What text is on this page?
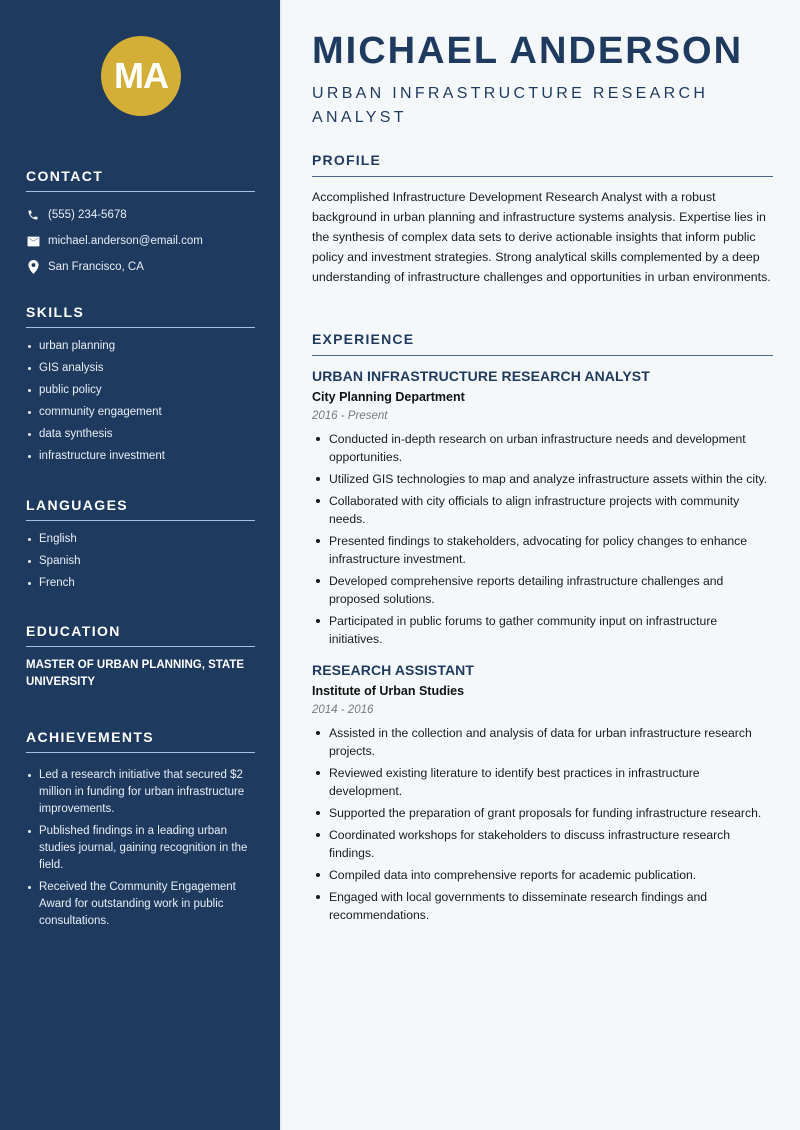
MA
CONTACT
(555) 234-5678
michael.anderson@email.com
San Francisco, CA
SKILLS
urban planning
GIS analysis
public policy
community engagement
data synthesis
infrastructure investment
LANGUAGES
English
Spanish
French
EDUCATION

MASTER OF URBAN PLANNING, STATE UNIVERSITY

ACHIEVEMENTS
Led a research initiative that secured $2 million in funding for urban infrastructure improvements.
Published findings in a leading urban studies journal, gaining recognition in the field.
Received the Community Engagement Award for outstanding work in public consultations.
MICHAEL ANDERSON

URBAN INFRASTRUCTURE RESEARCH ANALYST

PROFILE

Accomplished Infrastructure Development Research Analyst with a robust background in urban planning and infrastructure systems analysis. Expertise lies in the synthesis of complex data sets to derive actionable insights that inform public policy and investment strategies. Strong analytical skills complemented by a deep understanding of infrastructure challenges and opportunities in urban environments.

EXPERIENCE
URBAN INFRASTRUCTURE RESEARCH ANALYST
City Planning Department
2016 - Present
Conducted in-depth research on urban infrastructure needs and development opportunities.
Utilized GIS technologies to map and analyze infrastructure assets within the city.
Collaborated with city officials to align infrastructure projects with community needs.
Presented findings to stakeholders, advocating for policy changes to enhance infrastructure investment.
Developed comprehensive reports detailing infrastructure challenges and proposed solutions.
Participated in public forums to gather community input on infrastructure initiatives.
RESEARCH ASSISTANT
Institute of Urban Studies
2014 - 2016
Assisted in the collection and analysis of data for urban infrastructure research projects.
Reviewed existing literature to identify best practices in infrastructure development.
Supported the preparation of grant proposals for funding infrastructure research.
Coordinated workshops for stakeholders to discuss infrastructure research findings.
Compiled data into comprehensive reports for academic publication.
Engaged with local governments to disseminate research findings and recommendations.
